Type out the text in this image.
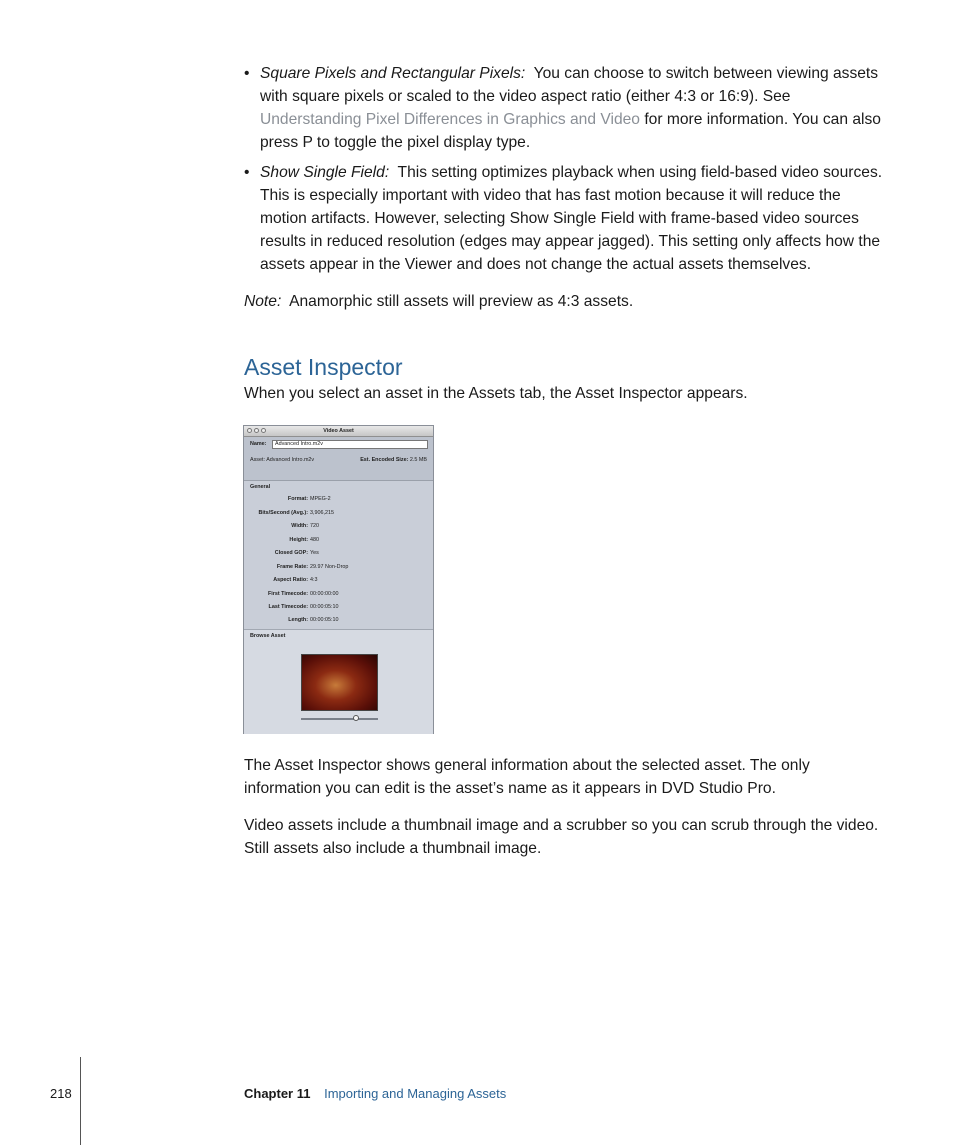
• Square Pixels and Rectangular Pixels: You can choose to switch between viewing assets with square pixels or scaled to the video aspect ratio (either 4:3 or 16:9). See Understanding Pixel Differences in Graphics and Video for more information. You can also press P to toggle the pixel display type.
• Show Single Field: This setting optimizes playback when using field-based video sources. This is especially important with video that has fast motion because it will reduce the motion artifacts. However, selecting Show Single Field with frame-based video sources results in reduced resolution (edges may appear jagged). This setting only affects how the assets appear in the Viewer and does not change the actual assets themselves.

Note: Anamorphic still assets will preview as 4:3 assets.

Asset Inspector

When you select an asset in the Assets tab, the Asset Inspector appears.

Video Asset
Name:	Advanced Intro.m2v
Asset: Advanced Intro.m2v	Est. Encoded Size: 2.5 MB
General
Format: MPEG-2
Bits/Second (Avg.): 3,906,215
Width: 720
Height: 480
Closed GOP: Yes
Frame Rate: 29.97 Non-Drop
Aspect Ratio: 4:3
First Timecode: 00:00:00:00
Last Timecode: 00:00:05:10
Length: 00:00:05:10
Browse Asset

The Asset Inspector shows general information about the selected asset. The only information you can edit is the asset’s name as it appears in DVD Studio Pro.

Video assets include a thumbnail image and a scrubber so you can scrub through the video. Still assets also include a thumbnail image.

218	Chapter 11 Importing and Managing Assets
